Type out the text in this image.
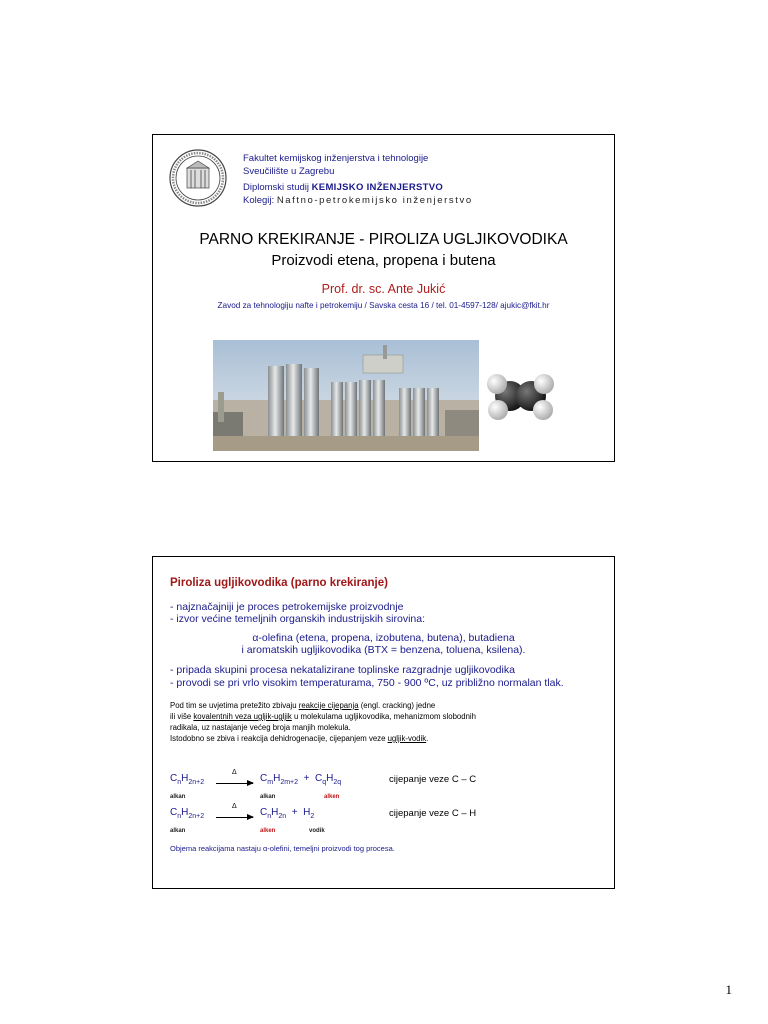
Fakultet kemijskog inženjerstva i tehnologije
Sveučilište u Zagrebu
Diplomski studij KEMIJSKO INŽENJERSTVO
Kolegij: Naftno-petrokemijsko inženjerstvo
PARNO KREKIRANJE - PIROLIZA UGLJIKOVODIKA
Proizvodi etena, propena i butena
Prof. dr. sc. Ante Jukić
Zavod za tehnologiju nafte i petrokemiju / Savska cesta 16 / tel. 01-4597-128/ ajukic@fkit.hr
Piroliza ugljikovodika (parno krekiranje)
- najznačajniji je proces petrokemijske proizvodnje
- izvor većine temeljnih organskih industrijskih sirovina:
α-olefina (etena, propena, izobutena, butena), butadiena
i aromatskih ugljikovodika (BTX = benzena, toluena, ksilena).
- pripada skupini procesa nekatalizirane toplinske razgradnje ugljikovodika
- provodi se pri vrlo visokim temperaturama, 750 - 900 ºC, uz približno normalan tlak.
Pod tim se uvjetima pretežito zbivaju reakcije cijepanja (engl. cracking) jedne
ili više kovalentnih veza uglјik-ugljik u molekulama ugljikovodika, mehanizmom slobodnih
radikala, uz nastajanje većeg broja manjih molekula.
Istodobno se zbiva i reakcija dehidrogenacije, cijepanjem veze ugljik-vodik.
$C_nH_{2n+2}$
Δ
$C_mH_{2m+2} + C_qH_{2q}$	cijepanje veze C – C
alkan	alkan	alken
$C_nH_{2n+2}$
Δ
$C_nH_{2n} + H_2$	cijepanje veze C – H
alkan	alken	vodik
Objema reakcijama nastaju α-olefini, temeljni proizvodi tog procesa.
1
